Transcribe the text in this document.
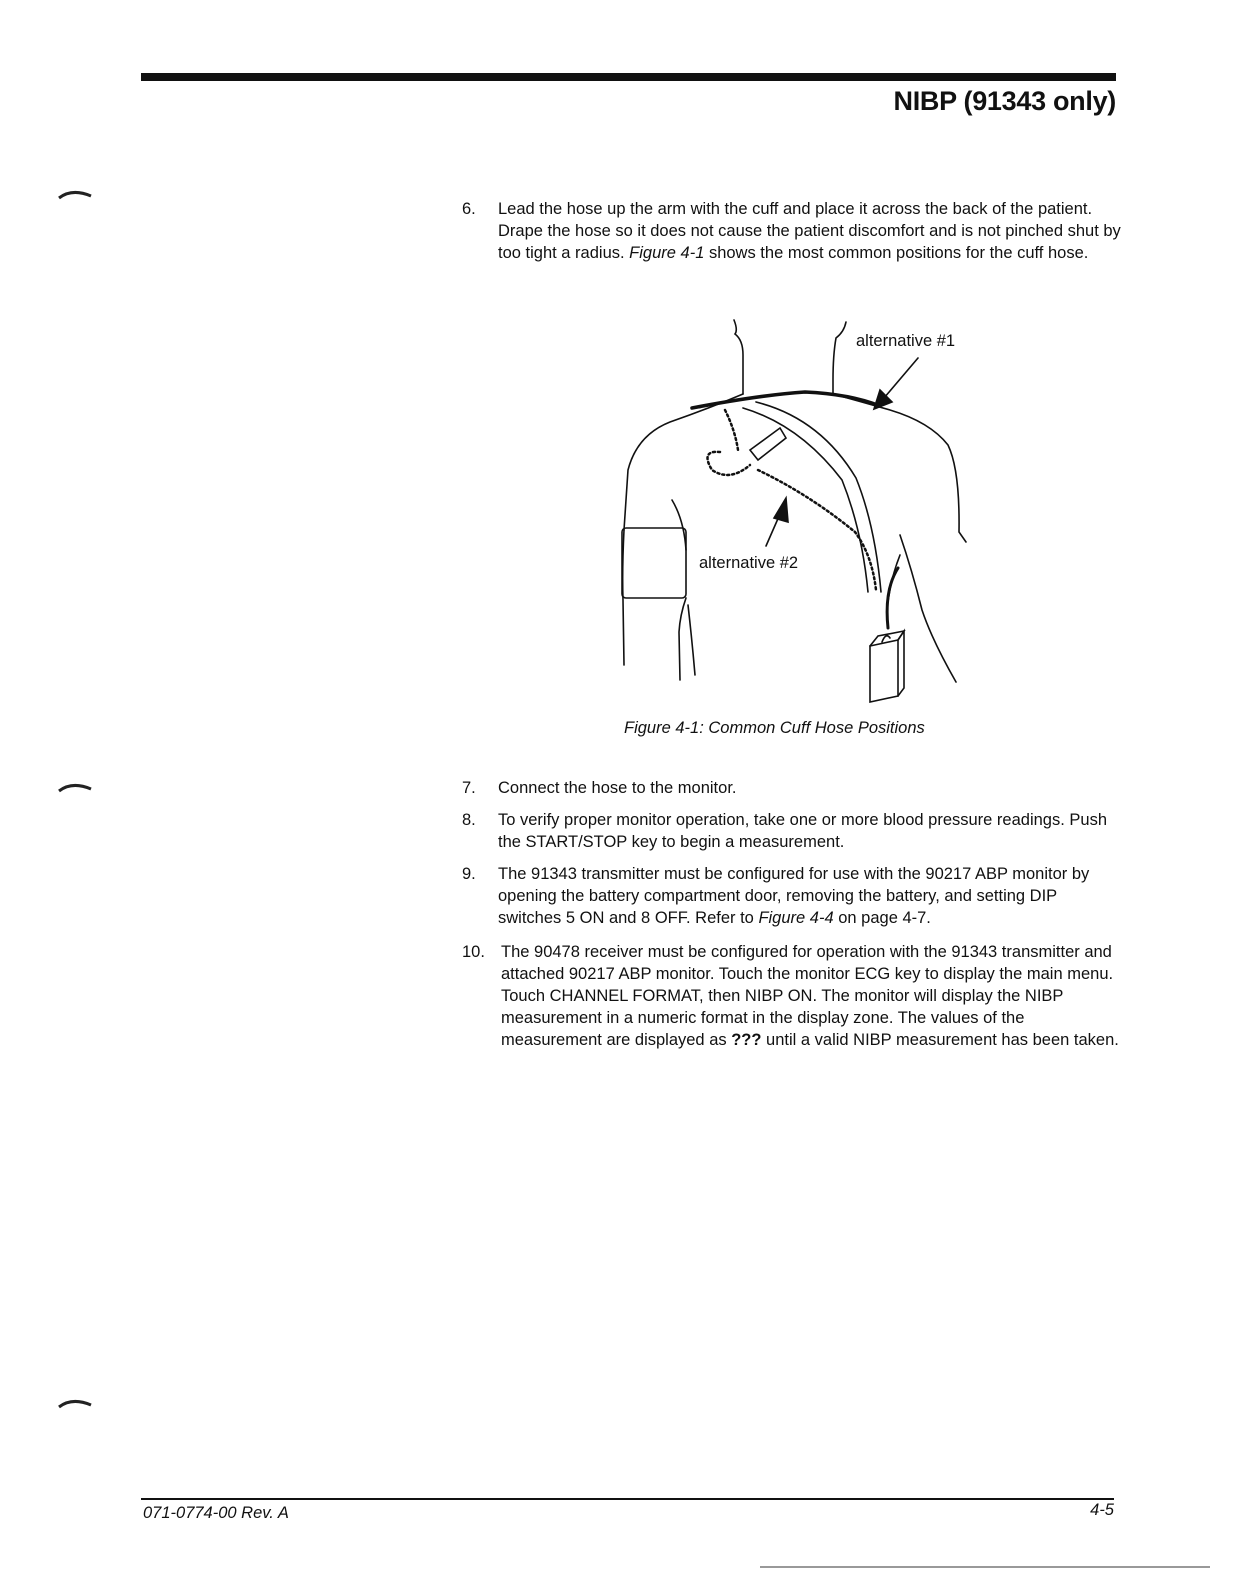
NIBP (91343 only)
6.	Lead the hose up the arm with the cuff and place it across the back of the patient. Drape the hose so it does not cause the patient discomfort and is not pinched shut by too tight a radius. Figure 4-1 shows the most common positions for the cuff hose.
alternative #1
alternative #2
Figure 4-1: Common Cuff Hose Positions
7.	Connect the hose to the monitor.
8.	To verify proper monitor operation, take one or more blood pressure readings. Push the START/STOP key to begin a measurement.
9.	The 91343 transmitter must be configured for use with the 90217 ABP monitor by opening the battery compartment door, removing the battery, and setting DIP switches 5 ON and 8 OFF. Refer to Figure 4-4 on page 4-7.
10. The 90478 receiver must be configured for operation with the 91343 transmitter and attached 90217 ABP monitor. Touch the monitor ECG key to display the main menu. Touch CHANNEL FORMAT, then NIBP ON. The monitor will display the NIBP measurement in a numeric format in the display zone. The values of the measurement are displayed as ??? until a valid NIBP measurement has been taken.
071-0774-00 Rev. A	4-5
